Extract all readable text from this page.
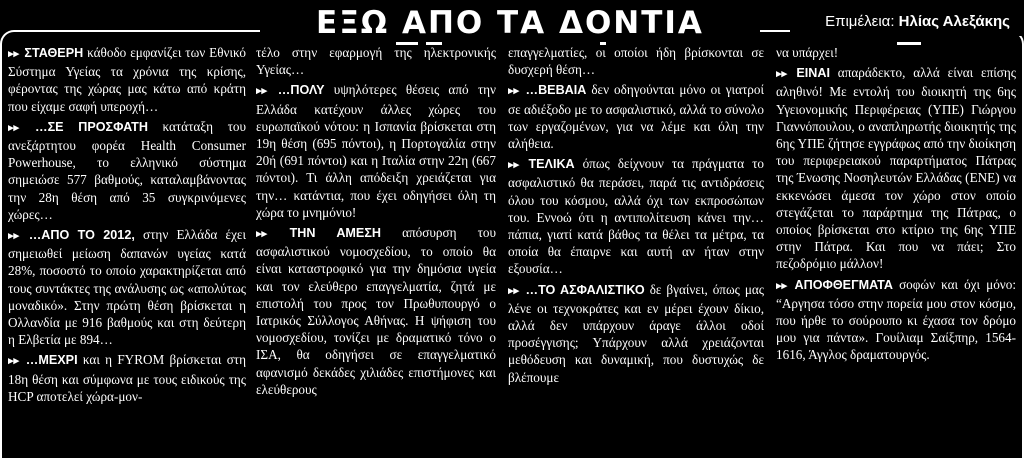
ΕΞΩ ΑΠΟ ΤΑ ΔΟΝΤΙΑ	Επιμέλεια: Ηλίας Αλεξάκης

▸▸ ΣΤΑΘΕΡΗ κάθοδο εμφανίζει των Εθνικό Σύστημα Υγείας τα χρόνια της κρίσης, φέροντας της χώρας μας κάτω από κράτη που είχαμε σαφή υπεροχή…

▸▸ …ΣΕ ΠΡΟΣΦΑΤΗ κατάταξη του ανεξάρτητου φορέα Health Consumer Powerhouse, το ελληνικό σύστημα σημειώσε 577 βαθμούς, καταλαμβάνοντας την 28η θέση από 35 συγκρινόμενες χώρες…

▸▸ …ΑΠΟ ΤΟ 2012, στην Ελλάδα έχει σημειωθεί μείωση δαπανών υγείας κατά 28%, ποσοστό το οποίο χαρακτηρίζεται από τους συντάκτες της ανάλυσης ως «απολύτως μοναδικό». Στην πρώτη θέση βρίσκεται η Ολλανδία με 916 βαθμούς και στη δεύτερη η Ελβετία με 894…

▸▸ …ΜΕΧΡΙ και η FYROM βρίσκεται στη 18η θέση και σύμφωνα με τους ειδικούς της HCP αποτελεί χώρα-μον-

τέλο στην εφαρμογή της ηλεκτρονικής Υγείας…

▸▸ …ΠΟΛΥ υψηλότερες θέσεις από την Ελλάδα κατέχουν άλλες χώρες του ευρωπαϊκού νότου: η Ισπανία βρίσκεται στη 19η θέση (695 πόντοι), η Πορτογαλία στην 20ή (691 πόντοι) και η Ιταλία στην 22η (667 πόντοι). Τι άλλη απόδειξη χρειάζεται για την… κατάντια, που έχει οδηγήσει όλη τη χώρα το μνημόνιο!

▸▸ ΤΗΝ ΑΜΕΣΗ απόσυρση του ασφαλιστικού νομοσχεδίου, το οποίο θα είναι καταστροφικό για την δημόσια υγεία και τον ελεύθερο επαγγελματία, ζητά με επιστολή του προς τον Πρωθυπουργό ο Ιατρικός Σύλλογος Αθήνας. Η ψήφιση του νομοσχεδίου, τονίζει με δραματικό τόνο ο ΙΣΑ, θα οδηγήσει σε επαγγελματικό αφανισμό δεκάδες χιλιάδες επιστήμονες και ελεύθερους

επαγγελματίες, οι οποίοι ήδη βρίσκονται σε δυσχερή θέση…

▸▸ …ΒΕΒΑΙΑ δεν οδηγούνται μόνο οι γιατροί σε αδιέξοδο με το ασφαλιστικό, αλλά το σύνολο των εργαζομένων, για να λέμε και όλη την αλήθεια.

▸▸ ΤΕΛΙΚΑ όπως δείχνουν τα πράγματα το ασφαλιστικό θα περάσει, παρά τις αντιδράσεις όλου του κόσμου, αλλά όχι των εκπροσώπων του. Εννοώ ότι η αντιπολίτευση κάνει την… πάπια, γιατί κατά βάθος τα θέλει τα μέτρα, τα οποία θα έπαιρνε και αυτή αν ήταν στην εξουσία…

▸▸ …ΤΟ ΑΣΦΑΛΙΣΤΙΚΟ δε βγαίνει, όπως μας λένε οι τεχνοκράτες και εν μέρει έχουν δίκιο, αλλά δεν υπάρχουν άραγε άλλοι οδοί προσέγγισης; Υπάρχουν αλλά χρειάζονται μεθόδευση και δυναμική, που δυστυχώς δε βλέπουμε

να υπάρχει!

▸▸ ΕΙΝΑΙ απαράδεκτο, αλλά είναι επίσης αληθινό! Με εντολή του διοικητή της 6ης Υγειονομικής Περιφέρειας (ΥΠΕ) Γιώργου Γιαννόπουλου, ο αναπληρωτής διοικητής της 6ης ΥΠΕ ζήτησε εγγράφως από την διοίκηση του περιφερειακού παραρτήματος Πάτρας της Ένωσης Νοσηλευτών Ελλάδας (ΕΝΕ) να εκκενώσει άμεσα τον χώρο στον οποίο στεγάζεται το παράρτημα της Πάτρας, ο οποίος βρίσκεται στο κτίριο της 6ης ΥΠΕ στην Πάτρα. Και που να πάει; Στο πεζοδρόμιο μάλλον!

▸▸ ΑΠΟΦΘΕΓΜΑΤΑ σοφών και όχι μόνο: “Αργησα τόσο στην πορεία μου στον κόσμο, που ήρθε το σούρουπο κι έχασα τον δρόμο μου για πάντα». Γουίλιαμ Σαίξπηρ, 1564-1616, Άγγλος δραματουργός.
